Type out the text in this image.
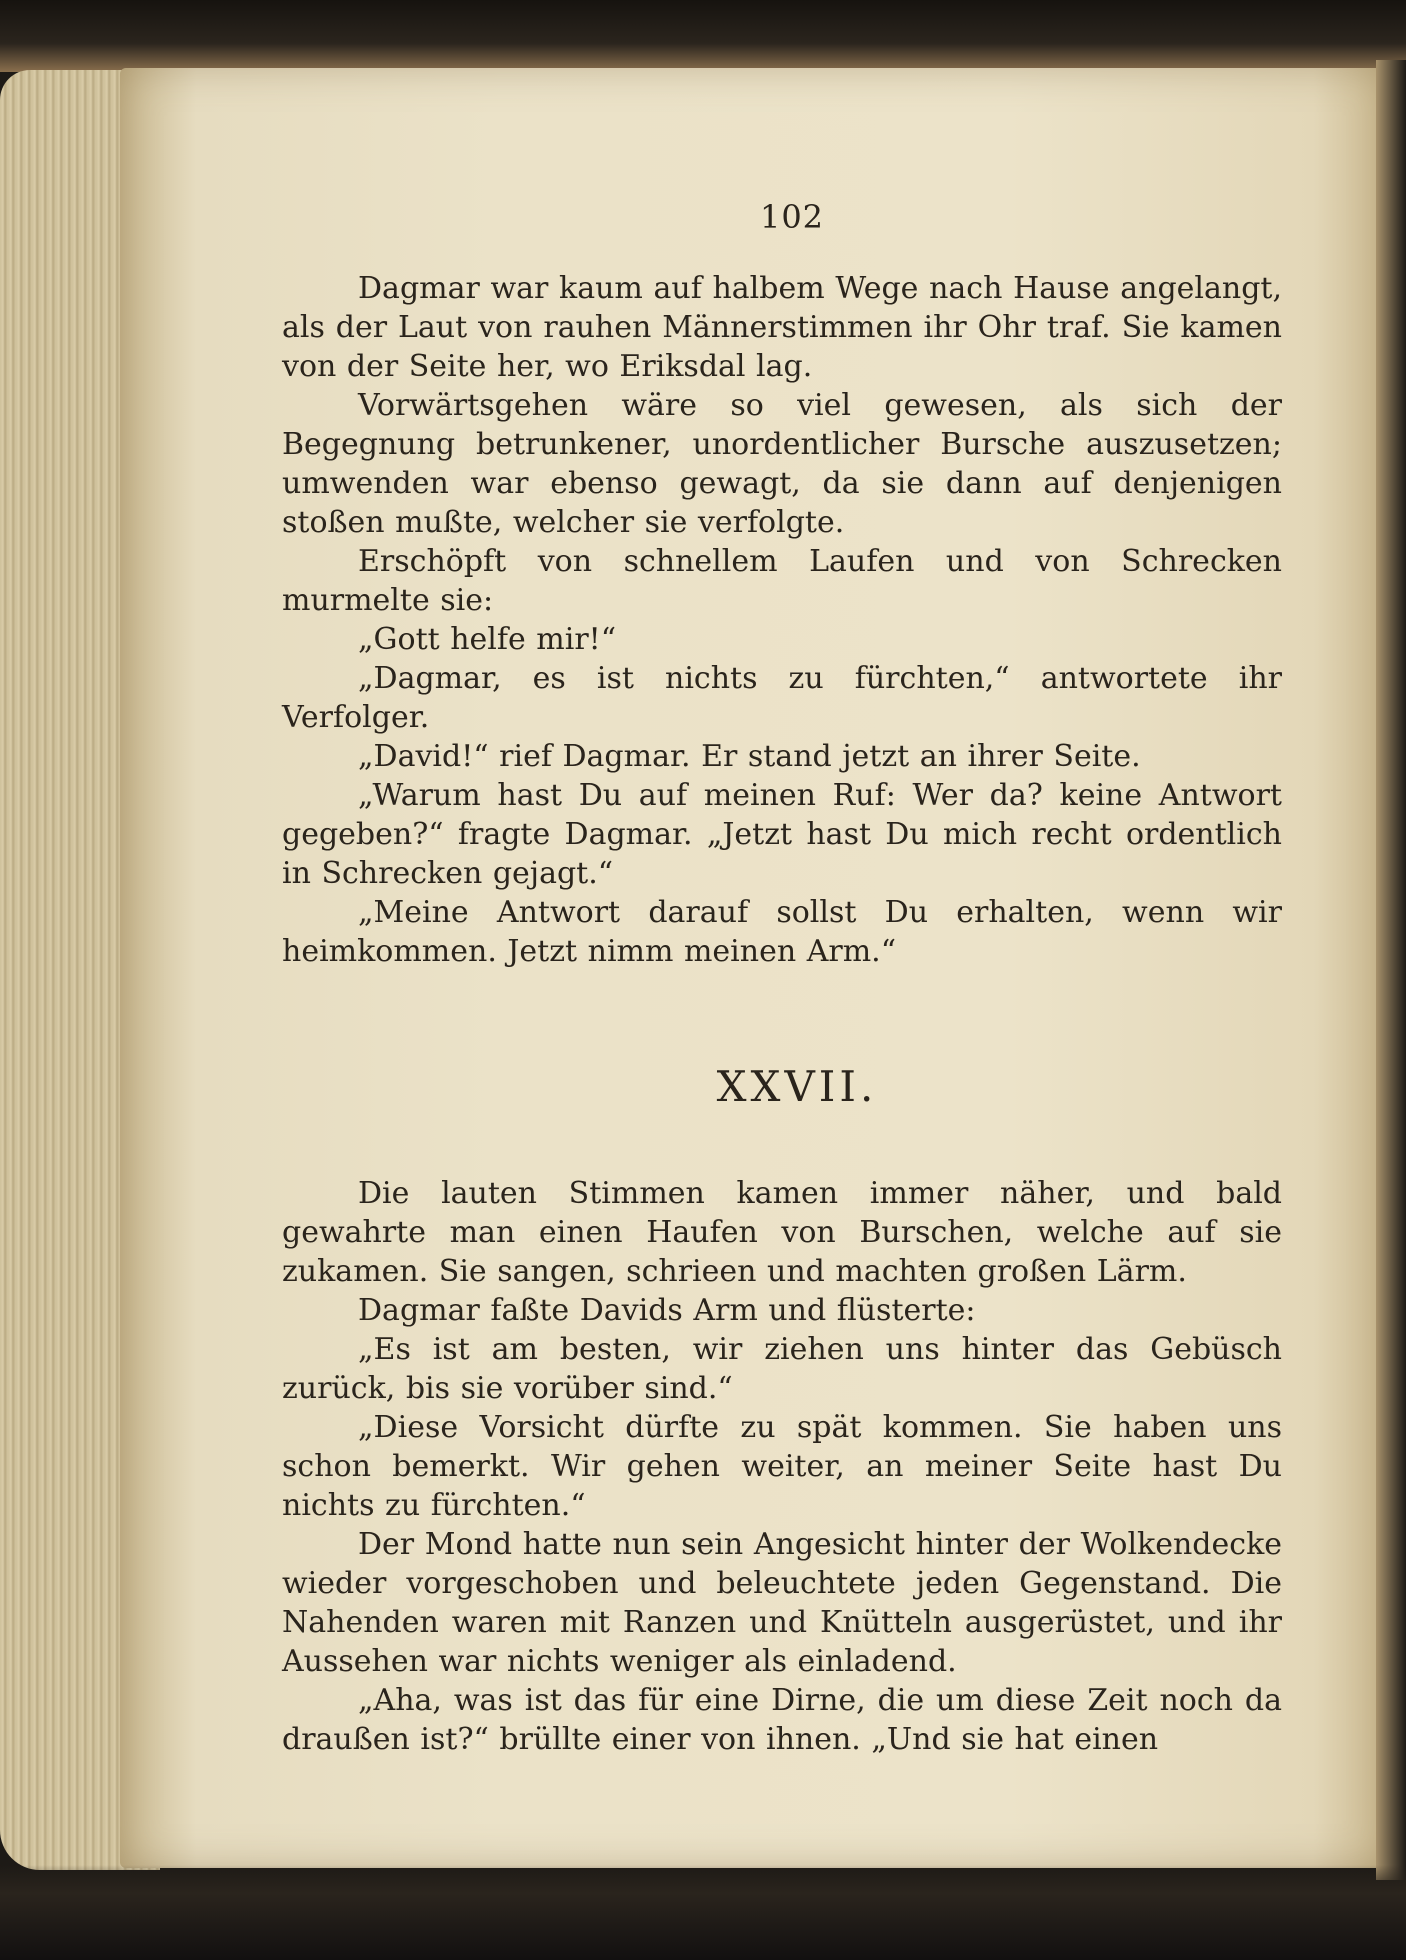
102

Dagmar war kaum auf halbem Wege nach Hause angelangt, als der Laut von rauhen Männerstimmen ihr Ohr traf. Sie kamen von der Seite her, wo Eriksdal lag.

Vorwärtsgehen wäre so viel gewesen, als sich der Begegnung betrunkener, unordentlicher Bursche auszusetzen; umwenden war ebenso gewagt, da sie dann auf denjenigen stoßen mußte, welcher sie verfolgte.

Erschöpft von schnellem Laufen und von Schrecken murmelte sie:

„Gott helfe mir!“

„Dagmar, es ist nichts zu fürchten,“ antwortete ihr Verfolger.

„David!“ rief Dagmar. Er stand jetzt an ihrer Seite.

„Warum hast Du auf meinen Ruf: Wer da? keine Antwort gegeben?“ fragte Dagmar. „Jetzt hast Du mich recht ordentlich in Schrecken gejagt.“

„Meine Antwort darauf sollst Du erhalten, wenn wir heimkommen. Jetzt nimm meinen Arm.“

XXVII.

Die lauten Stimmen kamen immer näher, und bald gewahrte man einen Haufen von Burschen, welche auf sie zukamen. Sie sangen, schrieen und machten großen Lärm.

Dagmar faßte Davids Arm und flüsterte:

„Es ist am besten, wir ziehen uns hinter das Gebüsch zurück, bis sie vorüber sind.“

„Diese Vorsicht dürfte zu spät kommen. Sie haben uns schon bemerkt. Wir gehen weiter, an meiner Seite hast Du nichts zu fürchten.“

Der Mond hatte nun sein Angesicht hinter der Wolkendecke wieder vorgeschoben und beleuchtete jeden Gegenstand. Die Nahenden waren mit Ranzen und Knütteln ausgerüstet, und ihr Aussehen war nichts weniger als einladend.

„Aha, was ist das für eine Dirne, die um diese Zeit noch da draußen ist?“ brüllte einer von ihnen. „Und sie hat einen
